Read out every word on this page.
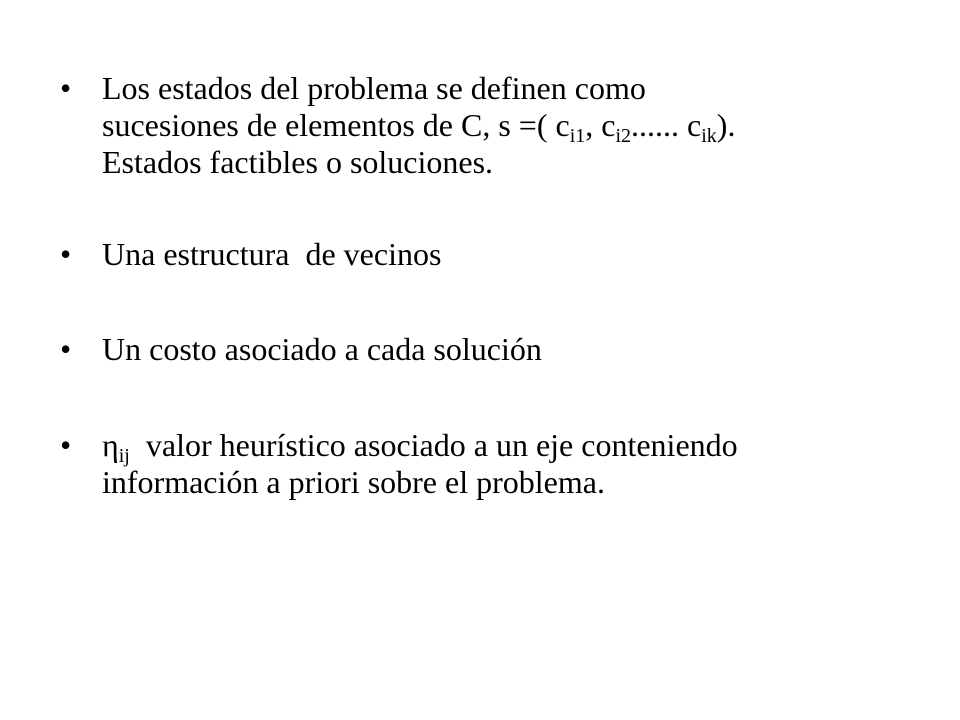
• Los estados del problema se definen como
sucesiones de elementos de C, s =( $c_{i1}$, $c_{i2}$...... $c_{ik}$).
Estados factibles o soluciones.
• Una estructura  de vecinos
• Un costo asociado a cada solución
• $\eta_{ij}$  valor heurístico asociado a un eje conteniendo
información a priori sobre el problema.
